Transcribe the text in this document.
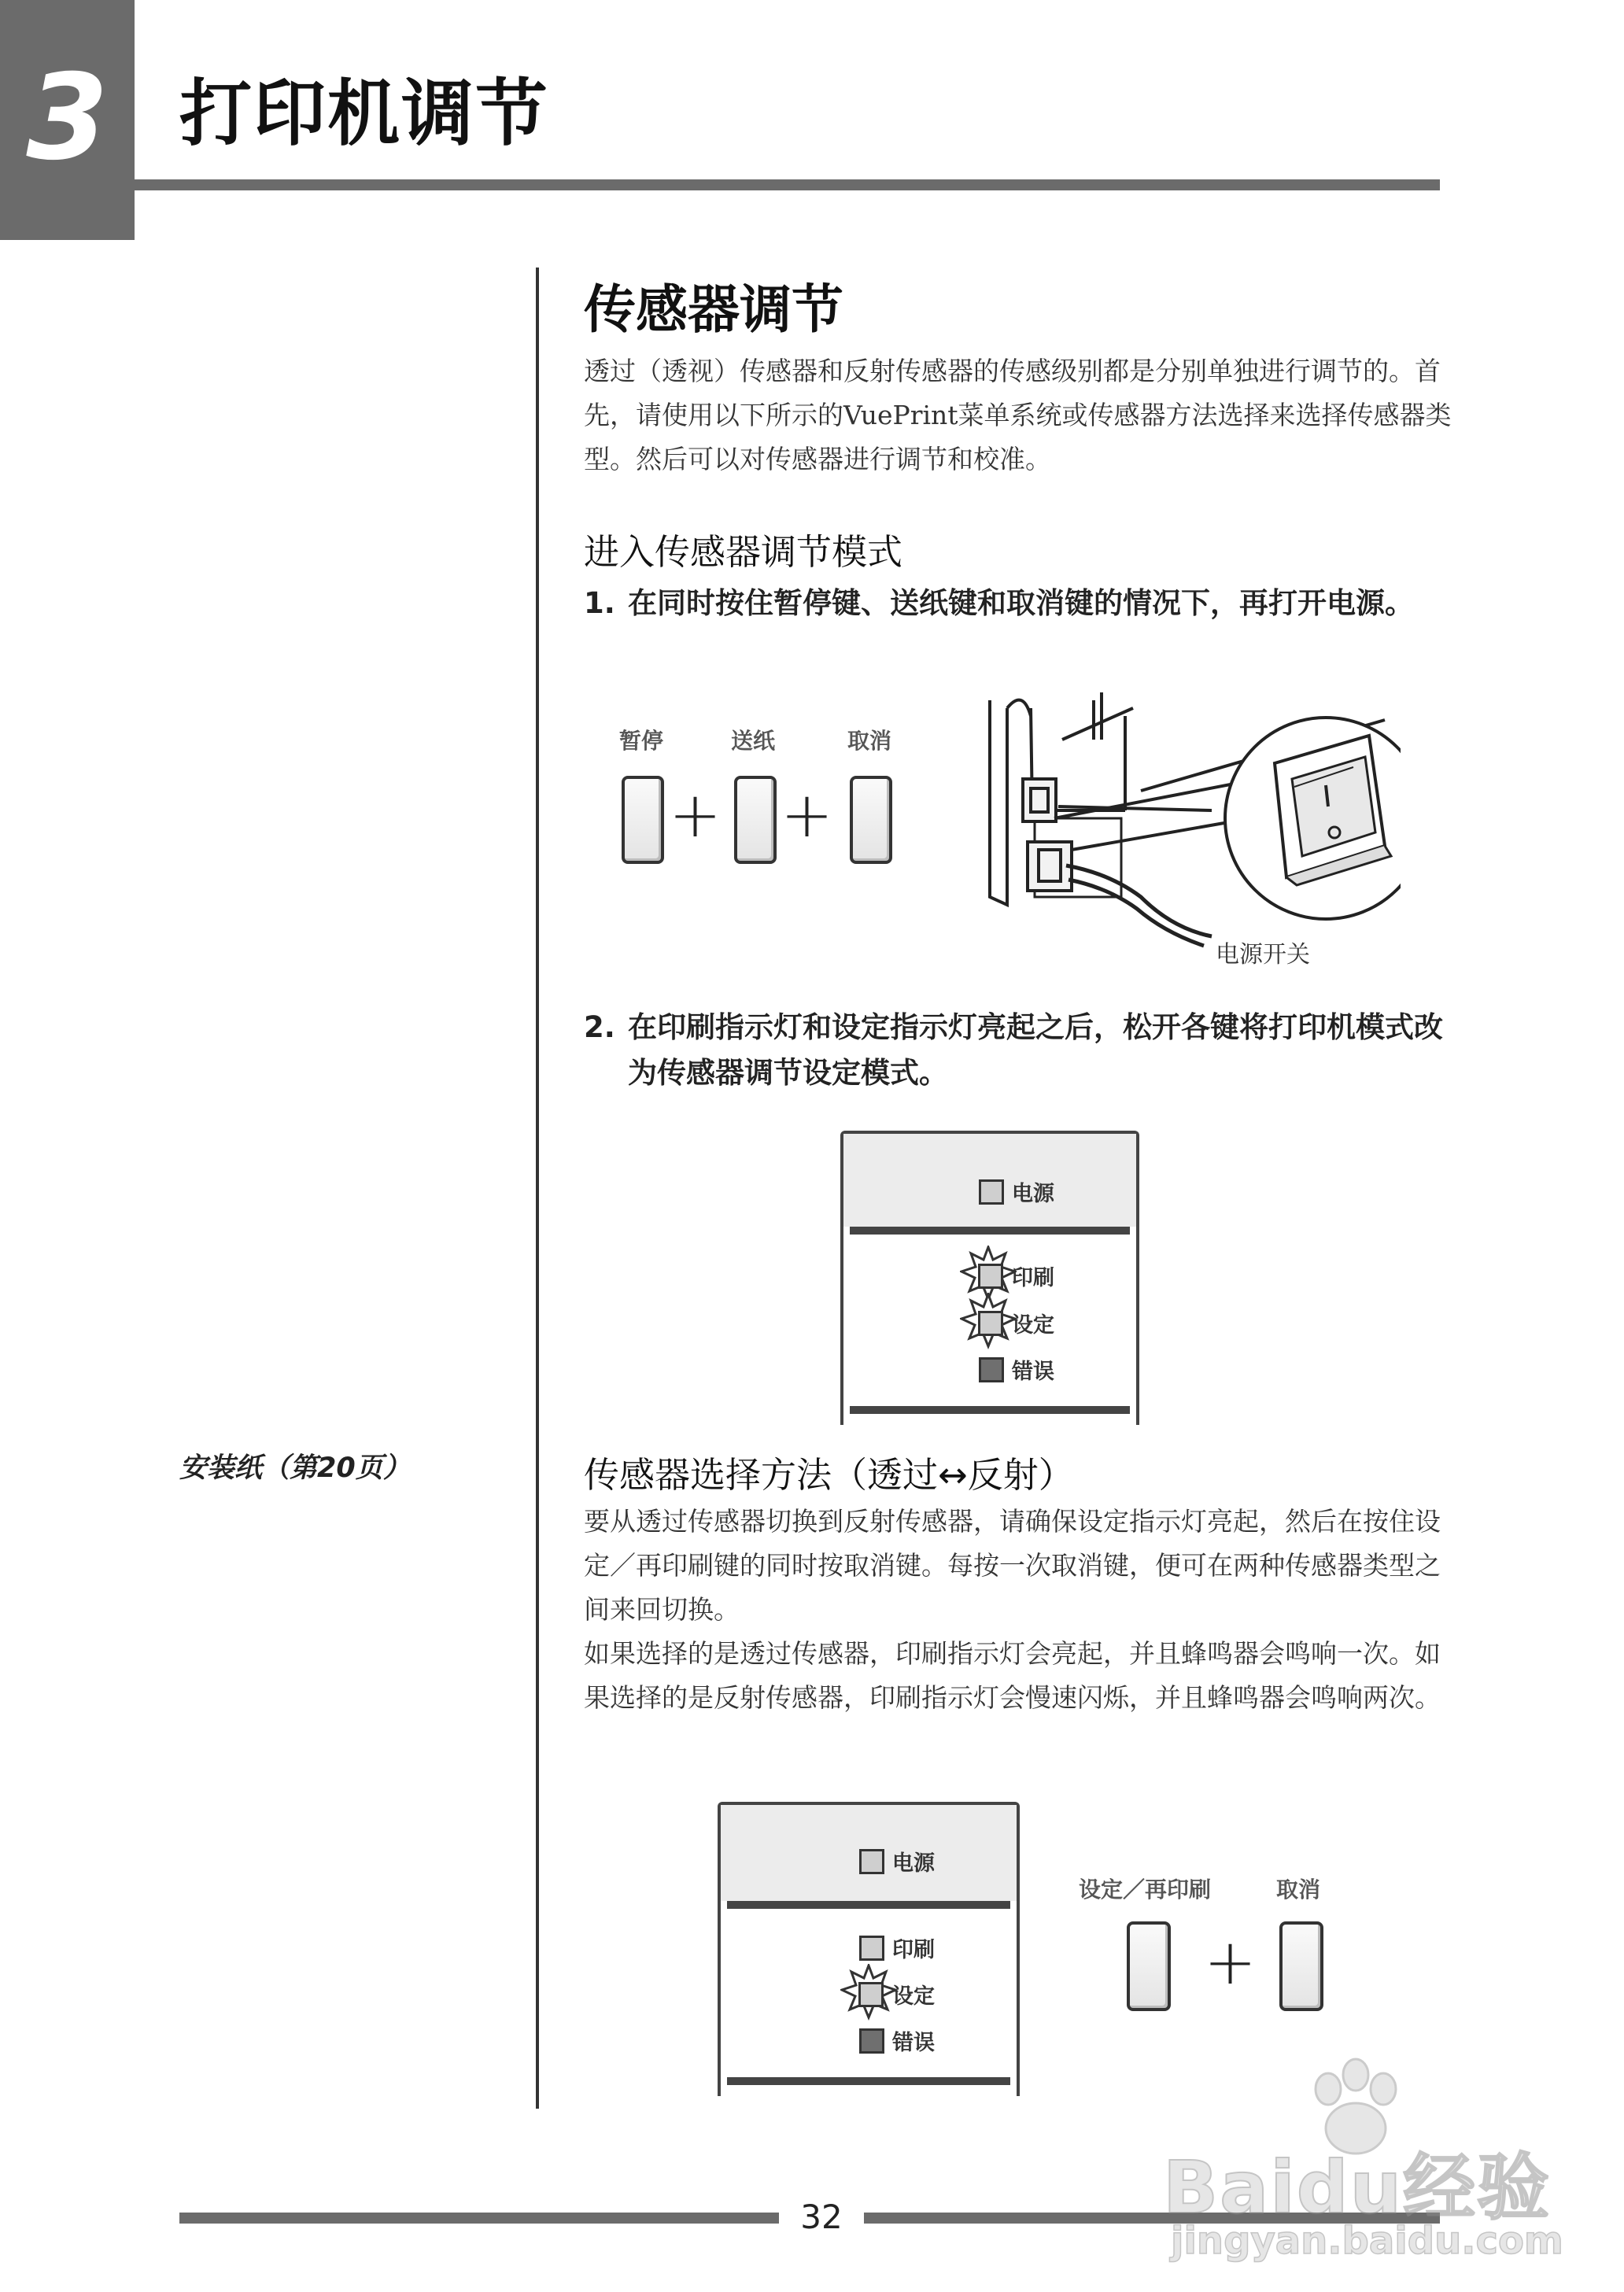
3 打印机调节
安装纸（第20页）
传感器调节
透过（透视）传感器和反射传感器的传感级别都是分别单独进行调节的。首先，请使用以下所示的VuePrint菜单系统或传感器方法选择来选择传感器类型。然后可以对传感器进行调节和校准。
进入传感器调节模式
1. 在同时按住暂停键、送纸键和取消键的情况下，再打开电源。
暂停	送纸	取消
+ +
电源开关
2. 在印刷指示灯和设定指示灯亮起之后，松开各键将打印机模式改为传感器调节设定模式。
电源
印刷
设定
错误
传感器选择方法（透过↔反射）
要从透过传感器切换到反射传感器，请确保设定指示灯亮起，然后在按住设定／再印刷键的同时按取消键。每按一次取消键，便可在两种传感器类型之间来回切换。
如果选择的是透过传感器，印刷指示灯会亮起，并且蜂鸣器会鸣响一次。如果选择的是反射传感器，印刷指示灯会慢速闪烁，并且蜂鸣器会鸣响两次。
电源
印刷
设定
错误
设定／再印刷	取消
+
32	Baidu经验
jingyan.baidu.com
